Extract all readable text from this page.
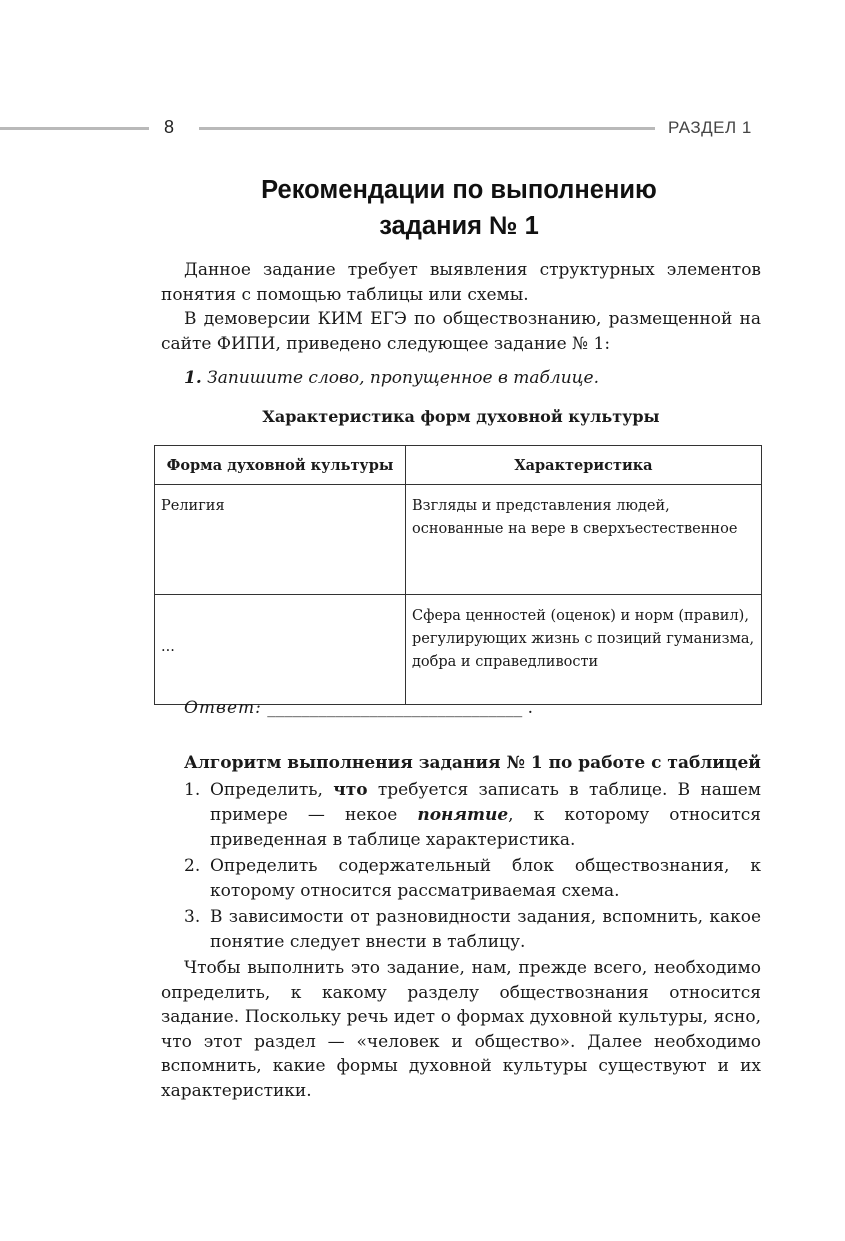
8	РАЗДЕЛ 1
Рекомендации по выполнению
задания № 1
Данное задание требует выявления структурных элементов понятия с помощью таблицы или схемы.
В демоверсии КИМ ЕГЭ по обществознанию, размещенной на сайте ФИПИ, приведено следующее задание № 1:
1. Запишите слово, пропущенное в таблице.
Характеристика форм духовной культуры
Форма духовной культуры	Характеристика
Религия	Взгляды и представления людей, основанные на вере в сверхъестественное
...	Сфера ценностей (оценок) и норм (правил), регулирующих жизнь с позиций гуманизма, добра и справедливости
Ответ: ______________________________ .
Алгоритм выполнения задания № 1 по работе с таблицей
1. Определить, что требуется записать в таблице. В нашем примере — некое понятие, к которому относится приведенная в таблице характеристика.
2. Определить содержательный блок обществознания, к которому относится рассматриваемая схема.
3. В зависимости от разновидности задания, вспомнить, какое понятие следует внести в таблицу.
Чтобы выполнить это задание, нам, прежде всего, необходимо определить, к какому разделу обществознания относится задание. Поскольку речь идет о формах духовной культуры, ясно, что этот раздел — «человек и общество». Далее необходимо вспомнить, какие формы духовной культуры существуют и их характеристики.
